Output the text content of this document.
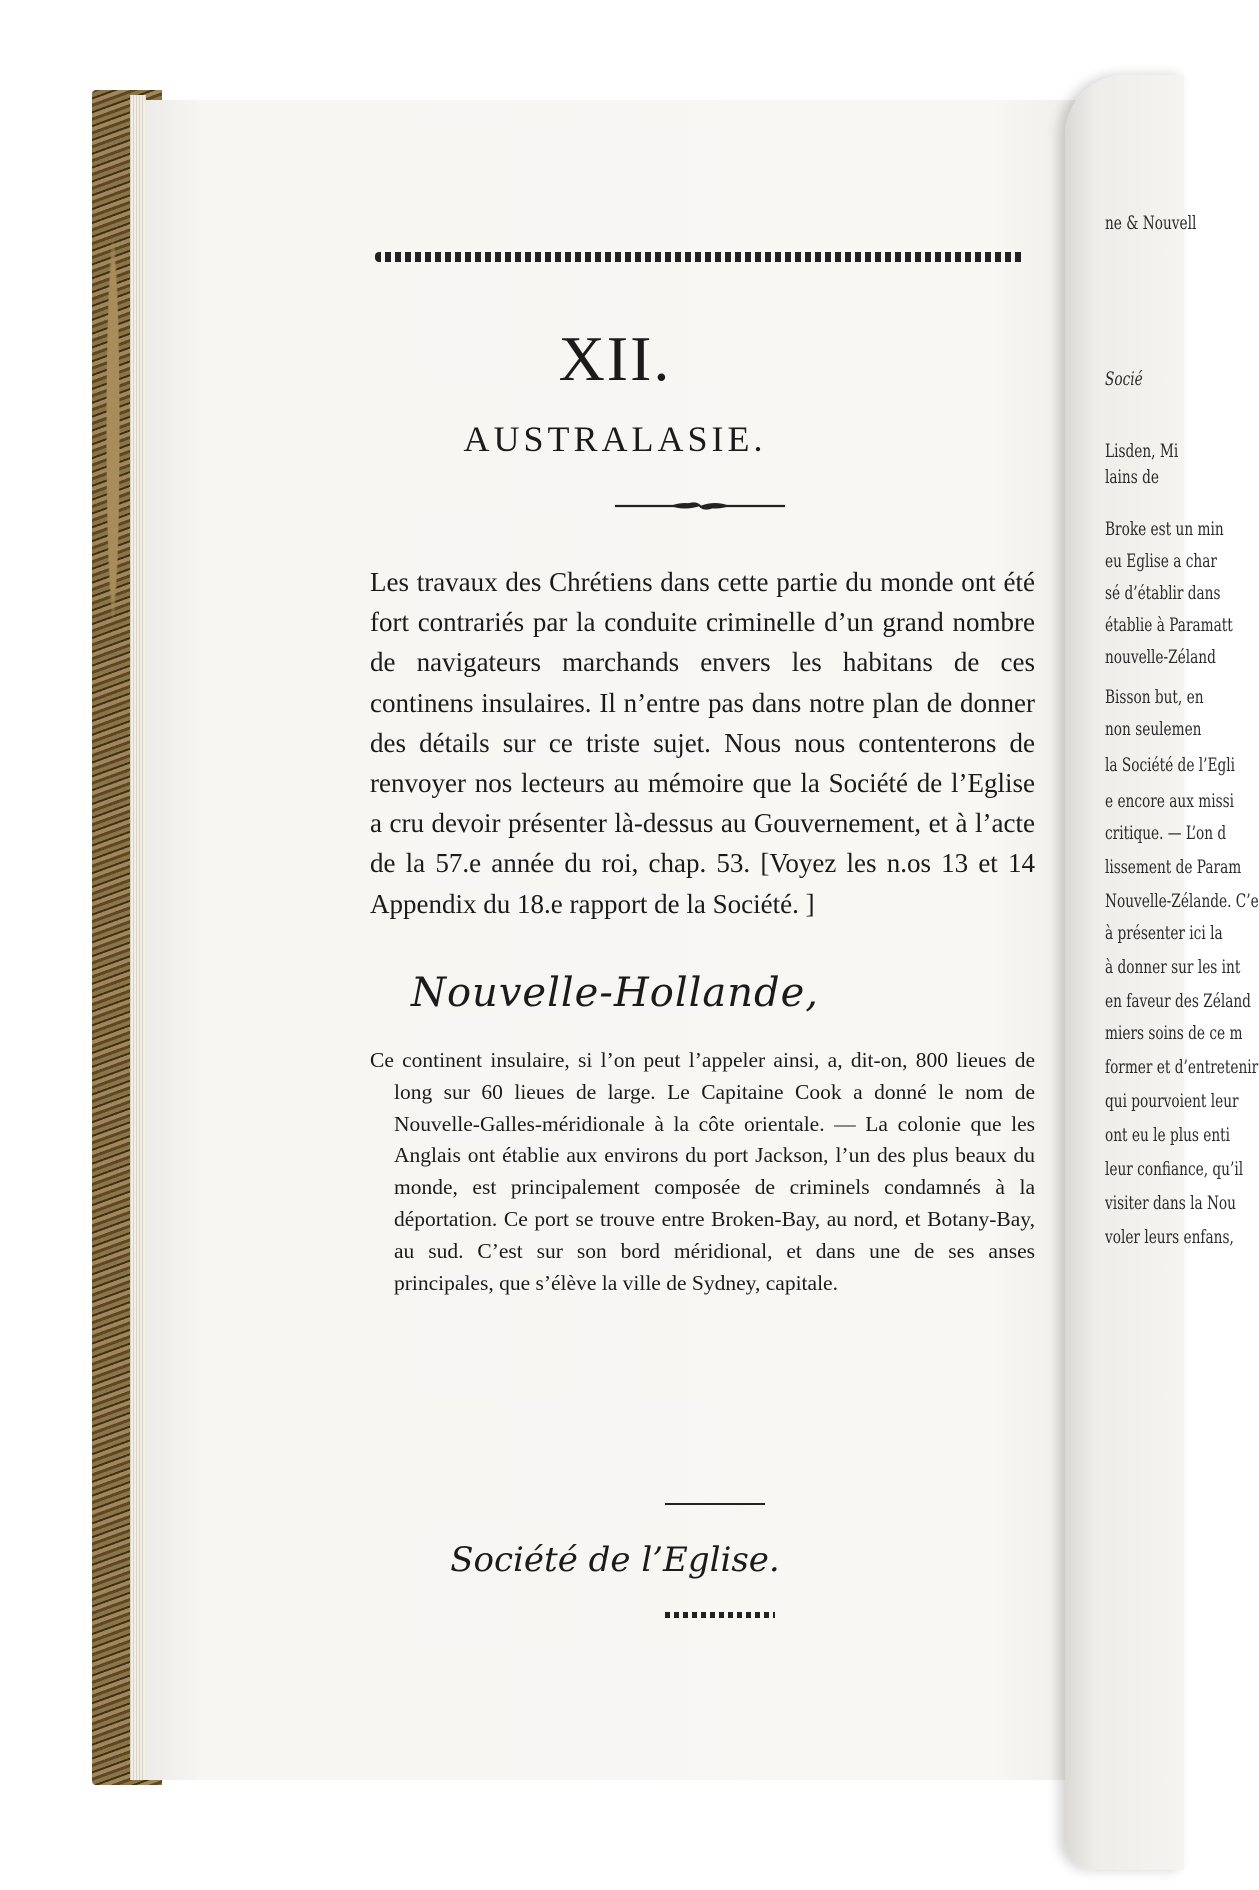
XII.
AUSTRALASIE.

Les travaux des Chrétiens dans cette partie du monde ont été fort contrariés par la conduite criminelle d’un grand nombre de navigateurs marchands envers les habitans de ces continens insulaires. Il n’entre pas dans notre plan de donner des détails sur ce triste sujet. Nous nous contenterons de renvoyer nos lecteurs au mémoire que la Société de l’Eglise a cru devoir présenter là-dessus au Gouvernement, et à l’acte de la 57.e année du roi, chap. 53. [Voyez les n.os 13 et 14 Appendix du 18.e rapport de la Société. ]

Nouvelle-Hollande,

Ce continent insulaire, si l’on peut l’appeler ainsi, a, dit-on, 800 lieues de long sur 60 lieues de large. Le Capitaine Cook a donné le nom de Nouvelle-Galles-méridionale à la côte orientale. — La colonie que les Anglais ont établie aux environs du port Jackson, l’un des plus beaux du monde, est principalement composée de criminels condamnés à la déportation. Ce port se trouve entre Broken-Bay, au nord, et Botany-Bay, au sud. C’est sur son bord méridional, et dans une de ses anses principales, que s’élève la ville de Sydney, capitale.

Société de l’Eglise.
ne & Nouvell
Socié
Lisden, Mi
lains de
Broke est un min
eu Eglise a char
sé d’établir dans
établie à Paramatt
nouvelle-Zéland
Bisson but, en
non seulemen
la Société de l’Egli
e encore aux missi
critique. — L’on d
lissement de Param
Nouvelle-Zélande. C’e
à présenter ici la
à donner sur les int
en faveur des Zéland
miers soins de ce m
former et d’entretenir
qui pourvoient leur
ont eu le plus enti
leur confiance, qu’il
visiter dans la Nou
voler leurs enfans,
